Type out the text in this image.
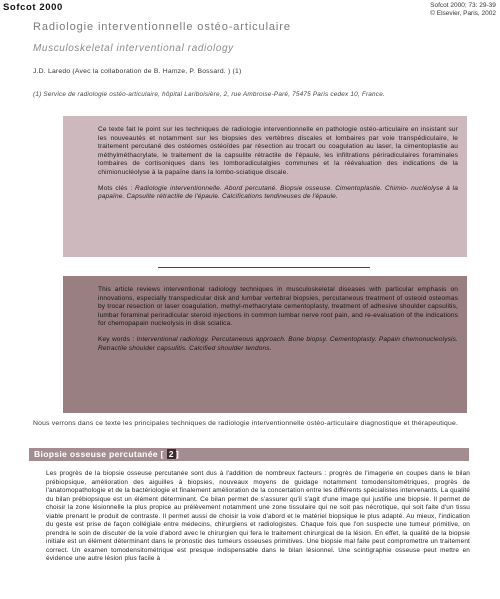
Sofcot 2000	Sofcot 2000; 73: 29-39
© Elsevier, Paris, 2002
Radiologie interventionnelle ostéo-articulaire
Musculoskeletal interventional radiology
J.D. Laredo (Avec la collaboration de B. Hamze, P. Bossard. ) (1)
(1) Service de radiologie ostéo-articulaire, hôpital Lariboisière, 2, rue Ambroise-Paré, 75475 Paris cedex 10, France.

Ce texte fait le point sur les techniques de radiologie interventionnelle en pathologie ostéo-articulaire en insistant sur les nouveautés et notamment sur les biopsies des vertèbres discales et lombaires par voie transpédiculaire, le traitement percutané des ostéomes ostéoïdes par résection au trocart ou coagulation au laser, la cimentoplastie au méthylméthacrylate, le traitement de la capsulite rétractile de l'épaule, les infiltrations périradiculaires foraminales lombaires de cortisoniques dans les lomboradiculalgies communes et la réévaluation des indications de la chimionucléolyse à la papaïne dans la lombo-sciatique discale.

Mots clés : Radiologie interventionnelle. Abord percutané. Biopsie osseuse. Cimentoplastie. Chimio- nucléolyse à la papaïne. Capsulite rétractile de l'épaule. Calcifications tendineuses de l'épaule.

This article reviews interventional radiology techniques in musculoskeletal diseases with particular emphasis on innovations, especially transpedicular disk and lumbar vertebral biopsies, percutaneous treatment of osteoid osteomas by trocar resection or laser coagulation, methyl-methacrylate cementoplasty, treatment of adhesive shoulder capsulitis, lumbar foraminal periradicular steroid injections in common lumbar nerve root pain, and re-evaluation of the indications for chemopapain nucleolysis in disk sciatica.

Key words : Interventional radiology. Percutaneous approach. Bone biopsy. Cementoplasty. Papain chemonucleolysis. Retractile shoulder capsulitis. Calcified shoulder tendons.

Nous verrons dans ce texte les principales techniques de radiologie interventionnelle ostéo-articulaire diagnostique et thérapeutique.
Biopsie osseuse percutanée [ 2 ]
Les progrès de la biopsie osseuse percutanée sont dus à l'addition de nombreux facteurs : progrès de l'imagerie en coupes dans le bilan prébiopsique, amélioration des aiguilles à biopsies, nouveaux moyens de guidage notamment tomodensitométriques, progrès de l'anatomopathologie et de la bactériologie et finalement amélioration de la concertation entre les différents spécialistes intervenants. La qualité du bilan prébiopsique est un élément déterminant. Ce bilan permet de s'assurer qu'il s'agit d'une image qui justifie une biopsie. Il permet de choisir la zone lésionnelle la plus propice au prélèvement notamment une zone tissulaire qui ne soit pas nécrotique, qui soit faite d'un tissu viable prenant le produit de contraste. Il permet aussi de choisir la voie d'abord et le matériel biopsique le plus adapté. Au mieux, l'indication du geste est prise de façon collégiale entre médecins, chirurgiens et radiologistes. Chaque fois que l'on suspecte une tumeur primitive, on prendra le soin de discuter de la voie d'abord avec le chirurgien qui fera le traitement chirurgical de la lésion. En effet, la qualité de la biopsie initiale est un élément déterminant dans le pronostic des tumeurs osseuses primitives. Une biopsie mal faite peut compromettre un traitement correct. Un examen tomodensitométrique est presque indispensable dans le bilan lésionnel. Une scintigraphie osseuse peut mettre en évidence une autre lésion plus facile à
